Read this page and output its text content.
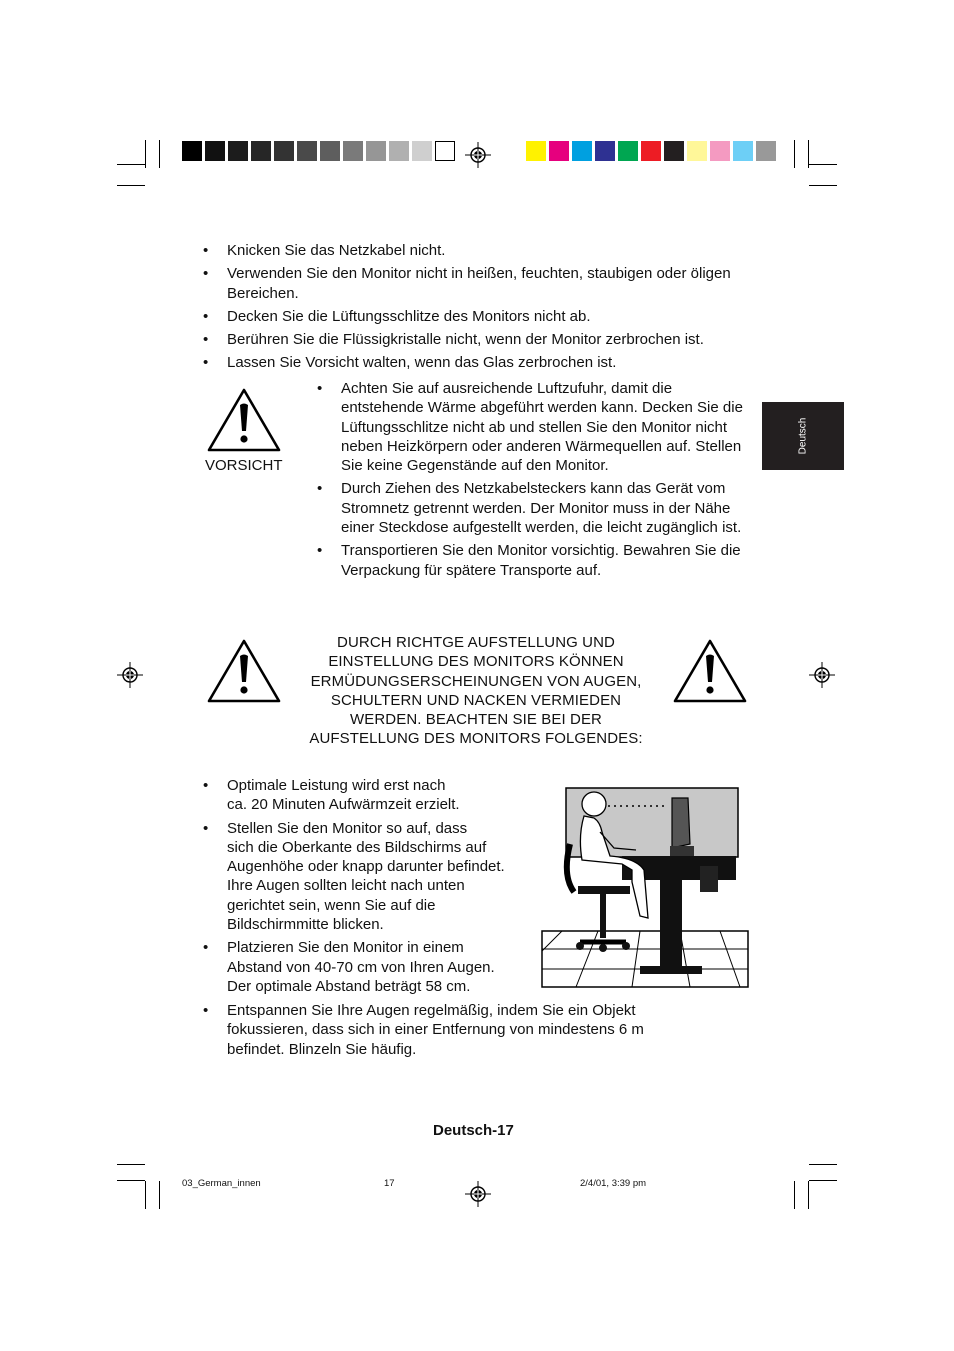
Deutsch
• Knicken Sie das Netzkabel nicht.
• Verwenden Sie den Monitor nicht in heißen, feuchten, staubigen oder öligen Bereichen.
• Decken Sie die Lüftungsschlitze des Monitors nicht ab.
• Berühren Sie die Flüssigkristalle nicht, wenn der Monitor zerbrochen ist.
• Lassen Sie Vorsicht walten, wenn das Glas zerbrochen ist.
VORSICHT
• Achten Sie auf ausreichende Luftzufuhr, damit die entstehende Wärme abgeführt werden kann. Decken Sie die Lüftungsschlitze nicht ab und stellen Sie den Monitor nicht neben Heizkörpern oder anderen Wärmequellen auf. Stellen Sie keine Gegenstände auf den Monitor.
• Durch Ziehen des Netzkabelsteckers kann das Gerät vom Stromnetz getrennt werden. Der Monitor muss in der Nähe einer Steckdose aufgestellt werden, die leicht zugänglich ist.
• Transportieren Sie den Monitor vorsichtig. Bewahren Sie die Verpackung für spätere Transporte auf.
DURCH RICHTGE AUFSTELLUNG UND
EINSTELLUNG DES MONITORS KÖNNEN
ERMÜDUNGSERSCHEINUNGEN VON AUGEN,
SCHULTERN UND NACKEN VERMIEDEN
WERDEN. BEACHTEN SIE BEI DER
AUFSTELLUNG DES MONITORS FOLGENDES:
• Optimale Leistung wird erst nach
ca. 20 Minuten Aufwärmzeit erzielt.
• Stellen Sie den Monitor so auf, dass
sich die Oberkante des Bildschirms auf
Augenhöhe oder knapp darunter befindet.
Ihre Augen sollten leicht nach unten
gerichtet sein, wenn Sie auf die
Bildschirmmitte blicken.
• Platzieren Sie den Monitor in einem
Abstand von 40-70 cm von Ihren Augen.
Der optimale Abstand beträgt 58 cm.
• Entspannen Sie Ihre Augen regelmäßig, indem Sie ein Objekt fokussieren, dass sich in einer Entfernung von mindestens 6 m befindet. Blinzeln Sie häufig.
Deutsch-17
03_German_innen	17	2/4/01, 3:39 pm
